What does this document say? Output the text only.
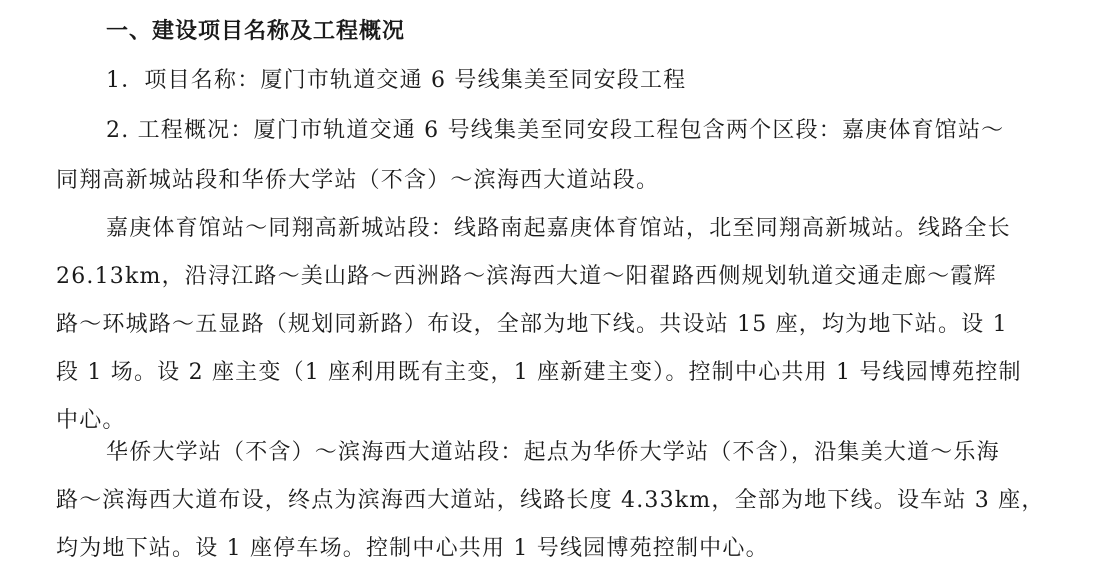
一、建设项目名称及工程概况
1．项目名称：厦门市轨道交通 6 号线集美至同安段工程
2. 工程概况：厦门市轨道交通 6 号线集美至同安段工程包含两个区段：嘉庚体育馆站～
同翔高新城站段和华侨大学站（不含）～滨海西大道站段。
嘉庚体育馆站～同翔高新城站段：线路南起嘉庚体育馆站，北至同翔高新城站。线路全长
26.13km，沿浔江路～美山路～西洲路～滨海西大道～阳翟路西侧规划轨道交通走廊～霞辉
路～环城路～五显路（规划同新路）布设，全部为地下线。共设站 15 座，均为地下站。设 1
段 1 场。设 2 座主变（1 座利用既有主变，1 座新建主变）。控制中心共用 1 号线园博苑控制
中心。
华侨大学站（不含）～滨海西大道站段：起点为华侨大学站（不含），沿集美大道～乐海
路～滨海西大道布设，终点为滨海西大道站，线路长度 4.33km，全部为地下线。设车站 3 座，
均为地下站。设 1 座停车场。控制中心共用 1 号线园博苑控制中心。
